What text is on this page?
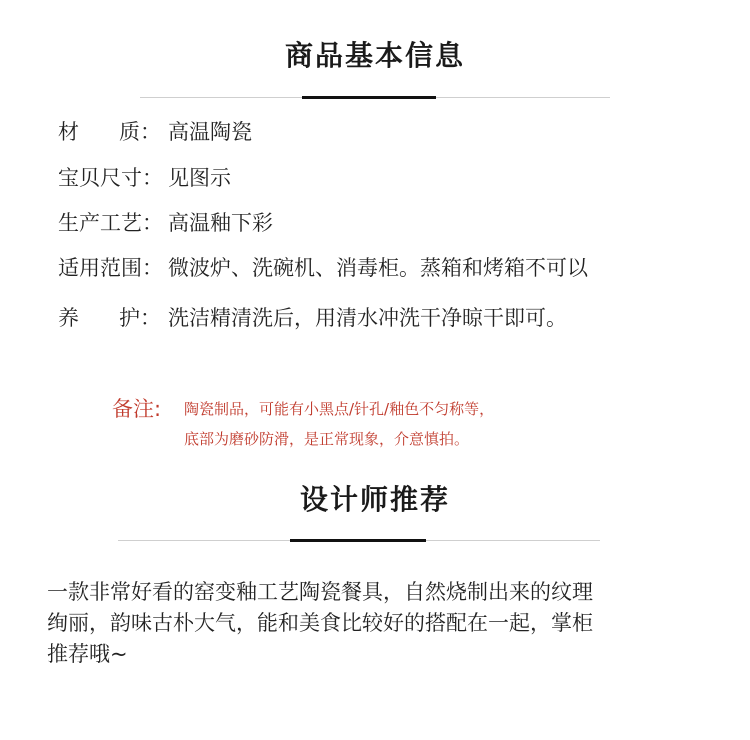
商品基本信息
材      质： 高温陶瓷
宝贝尺寸： 见图示
生产工艺： 高温釉下彩
适用范围： 微波炉、洗碗机、消毒柜。蒸箱和烤箱不可以
养      护： 洗洁精清洗后，用清水冲洗干净晾干即可。
备注: 陶瓷制品，可能有小黑点/针孔/釉色不匀称等，
底部为磨砂防滑，是正常现象，介意慎拍。
设计师推荐
一款非常好看的窑变釉工艺陶瓷餐具，自然烧制出来的纹理
绚丽，韵味古朴大气，能和美食比较好的搭配在一起，掌柜
推荐哦~
